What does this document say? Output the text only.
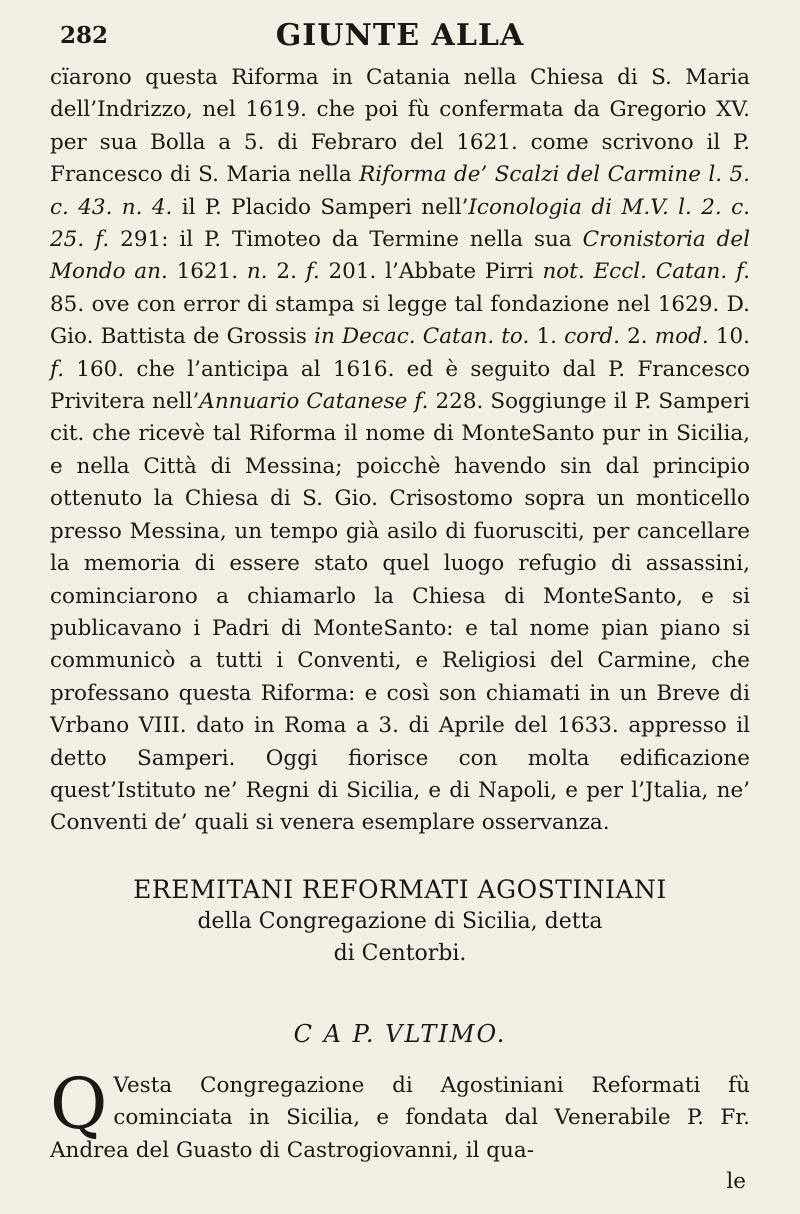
282	GIUNTE ALLA

cïarono questa Riforma in Catania nella Chiesa di S. Maria dell’Indrizzo, nel 1619. che poi fù confermata da Gregorio XV. per sua Bolla a 5. di Febraro del 1621. come scrivono il P. Francesco di S. Maria nella Riforma de’ Scalzi del Carmine l. 5. c. 43. n. 4. il P. Placido Samperi nell’Iconologia di M.V. l. 2. c. 25. f. 291: il P. Timoteo da Termine nella sua Cronistoria del Mondo an. 1621. n. 2. f. 201. l’Abbate Pirri not. Eccl. Catan. f. 85. ove con error di stampa si legge tal fondazione nel 1629. D. Gio. Battista de Grossis in Decac. Catan. to. 1. cord. 2. mod. 10. f. 160. che l’anticipa al 1616. ed è seguito dal P. Francesco Privitera nell’Annuario Catanese f. 228. Soggiunge il P. Samperi cit. che ricevè tal Riforma il nome di MonteSanto pur in Sicilia, e nella Città di Messina; poicchè havendo sin dal principio ottenuto la Chiesa di S. Gio. Crisostomo sopra un monticello presso Messina, un tempo già asilo di fuorusciti, per cancellare la memoria di essere stato quel luogo refugio di assassini, cominciarono a chiamarlo la Chiesa di MonteSanto, e si publicavano i Padri di MonteSanto: e tal nome pian piano si communicò a tutti i Conventi, e Religiosi del Carmine, che professano questa Riforma: e così son chiamati in un Breve di Vrbano VIII. dato in Roma a 3. di Aprile del 1633. appresso il detto Samperi. Oggi fiorisce con molta edificazione quest’Istituto ne’ Regni di Sicilia, e di Napoli, e per l’Jtalia, ne’ Conventi de’ quali si venera esemplare osservanza.

EREMITANI REFORMATI AGOSTINIANI
della Congregazione di Sicilia, detta
di Centorbi.
C A P. VLTIMO.

Q Vesta Congregazione di Agostiniani Reformati fù cominciata in Sicilia, e fondata dal Venerabile P. Fr. Andrea del Guasto di Castrogiovanni, il qua-

le
